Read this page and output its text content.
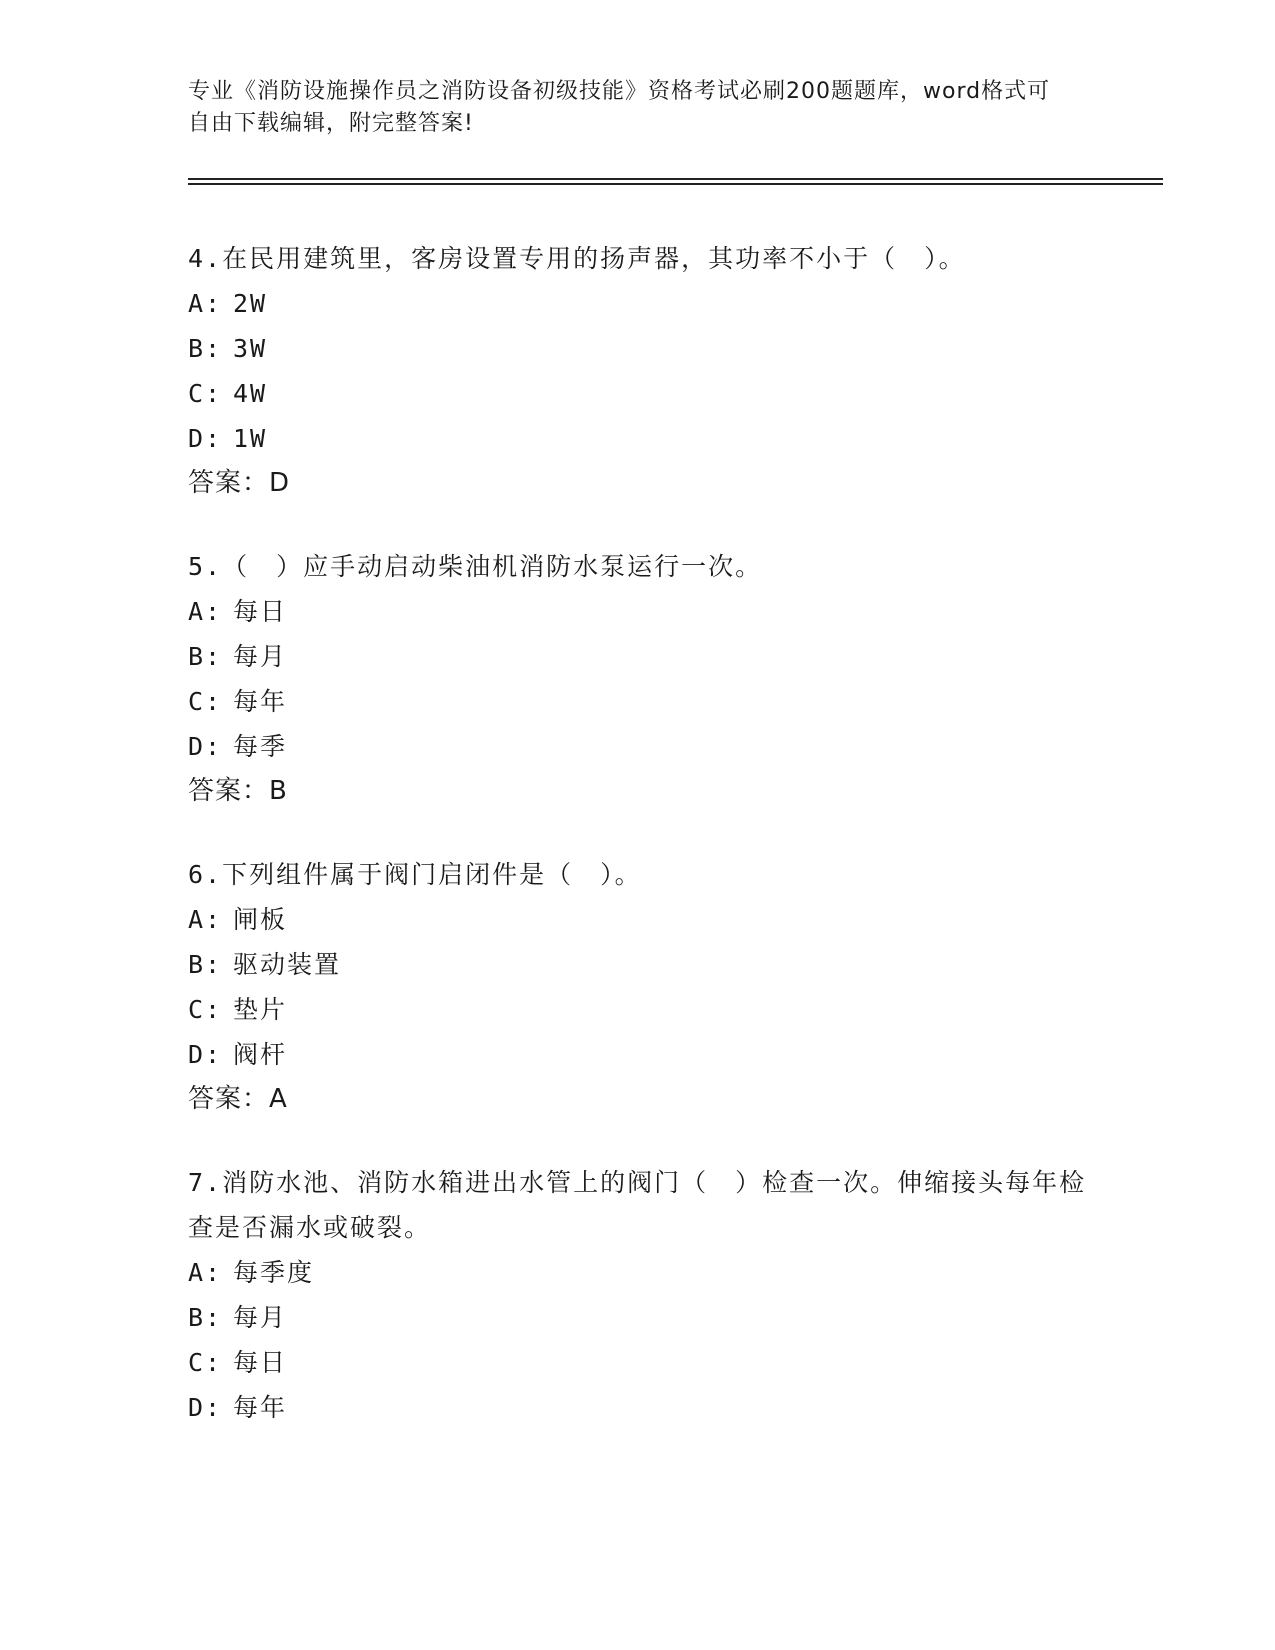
专业《消防设施操作员之消防设备初级技能》资格考试必刷200题题库，word格式可自由下载编辑，附完整答案!
4.在民用建筑里，客房设置专用的扬声器，其功率不小于（　）。
A: 2W
B: 3W
C: 4W
D: 1W
答案：D
5.（　）应手动启动柴油机消防水泵运行一次。
A: 每日
B: 每月
C: 每年
D: 每季
答案：B
6.下列组件属于阀门启闭件是（　）。
A: 闸板
B: 驱动装置
C: 垫片
D: 阀杆
答案：A
7.消防水池、消防水箱进出水管上的阀门（　）检查一次。伸缩接头每年检查是否漏水或破裂。
A: 每季度
B: 每月
C: 每日
D: 每年
